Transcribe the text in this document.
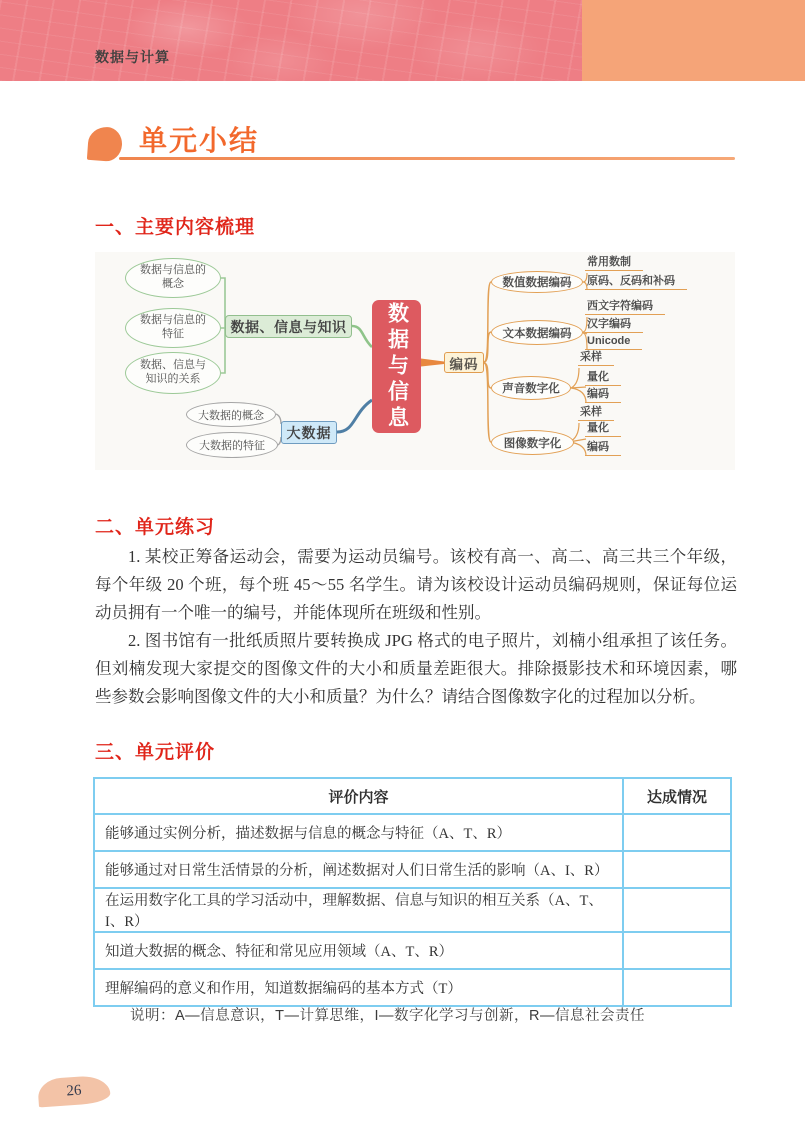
数据与计算
单元小结
一、主要内容梳理
数据与信息的概念
数据与信息的特征
数据、信息与知识的关系
数据、信息与知识
大数据的概念
大数据的特征
大数据
数据与信息	编码
数值数据编码
文本数据编码
声音数字化
图像数字化
常用数制
原码、反码和补码
西文字符编码
汉字编码
Unicode
采样
量化
编码
采样
量化
编码
二、单元练习

1. 某校正筹备运动会，需要为运动员编号。该校有高一、高二、高三共三个年级，每个年级 20 个班，每个班 45～55 名学生。请为该校设计运动员编码规则，保证每位运动员拥有一个唯一的编号，并能体现所在班级和性别。

2. 图书馆有一批纸质照片要转换成 JPG 格式的电子照片，刘楠小组承担了该任务。但刘楠发现大家提交的图像文件的大小和质量差距很大。排除摄影技术和环境因素，哪些参数会影响图像文件的大小和质量？为什么？请结合图像数字化的过程加以分析。

三、单元评价
评价内容	达成情况
能够通过实例分析，描述数据与信息的概念与特征（A、T、R）	
能够通过对日常生活情景的分析，阐述数据对人们日常生活的影响（A、I、R）	
在运用数字化工具的学习活动中，理解数据、信息与知识的相互关系（A、T、I、R）	
知道大数据的概念、特征和常见应用领域（A、T、R）	
理解编码的意义和作用，知道数据编码的基本方式（T）	
说明：A—信息意识，T—计算思维，I—数字化学习与创新，R—信息社会责任
26
